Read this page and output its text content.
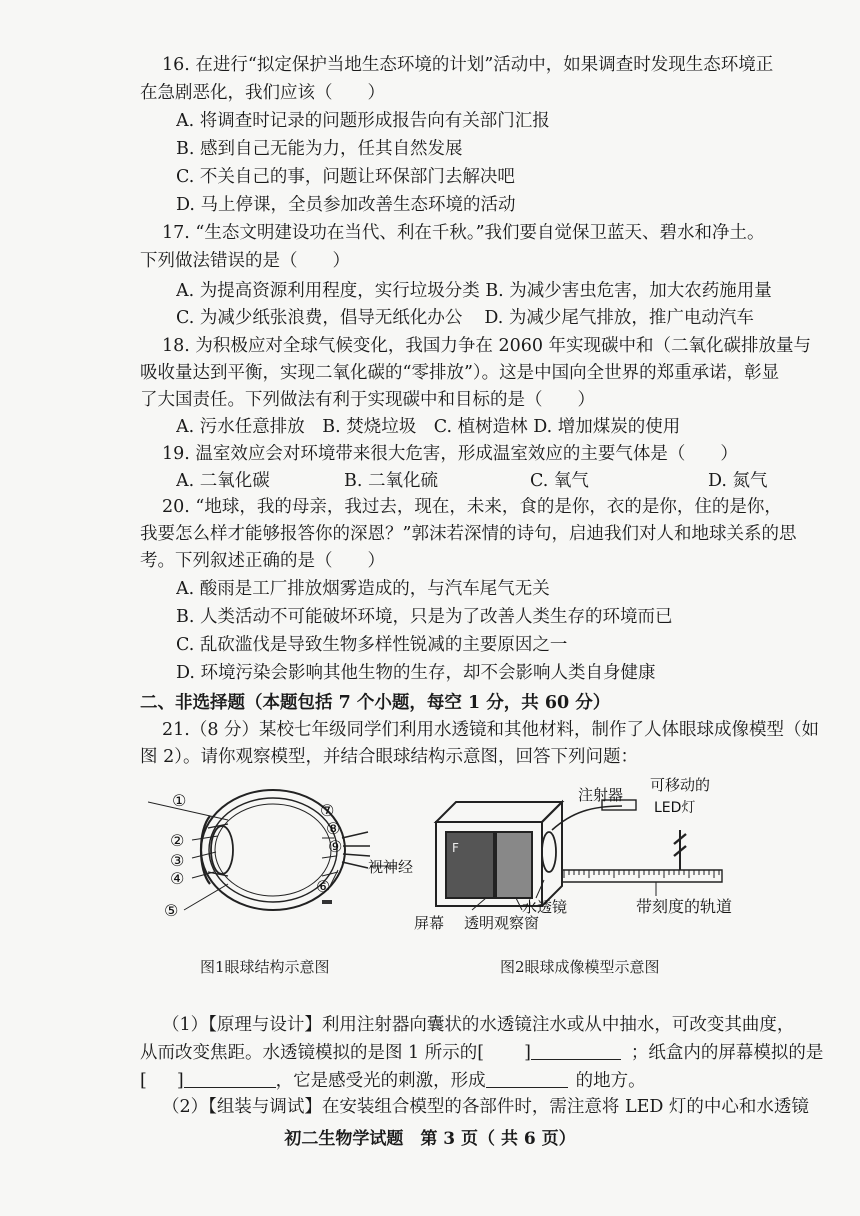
16. 在进行“拟定保护当地生态环境的计划”活动中，如果调查时发现生态环境正
在急剧恶化，我们应该（　　）
A. 将调查时记录的问题形成报告向有关部门汇报
B. 感到自己无能为力，任其自然发展
C. 不关自己的事，问题让环保部门去解决吧
D. 马上停课，全员参加改善生态环境的活动
17. “生态文明建设功在当代、利在千秋。”我们要自觉保卫蓝天、碧水和净土。
下列做法错误的是（　　）
A. 为提高资源利用程度，实行垃圾分类 B. 为减少害虫危害，加大农药施用量
C. 为减少纸张浪费，倡导无纸化办公 D. 为减少尾气排放，推广电动汽车
18. 为积极应对全球气候变化，我国力争在 2060 年实现碳中和（二氧化碳排放量与
吸收量达到平衡，实现二氧化碳的“零排放”）。这是中国向全世界的郑重承诺，彰显
了大国责任。下列做法有利于实现碳中和目标的是（　　）
A. 污水任意排放　B. 焚烧垃圾　C. 植树造林 D. 增加煤炭的使用
19. 温室效应会对环境带来很大危害，形成温室效应的主要气体是（　　）
A. 二氧化碳	B. 二氧化硫	C. 氧气	D. 氮气
20. “地球，我的母亲，我过去，现在，未来，食的是你，衣的是你，住的是你，
我要怎么样才能够报答你的深恩？”郭沫若深情的诗句，启迪我们对人和地球关系的思
考。下列叙述正确的是（　　）
A. 酸雨是工厂排放烟雾造成的，与汽车尾气无关
B. 人类活动不可能破坏环境，只是为了改善人类生存的环境而已
C. 乱砍滥伐是导致生物多样性锐减的主要原因之一
D. 环境污染会影响其他生物的生存，却不会影响人类自身健康
二、非选择题（本题包括 7 个小题，每空 1 分，共 60 分）
21.（8 分）某校七年级同学们利用水透镜和其他材料，制作了人体眼球成像模型（如
图 2）。请你观察模型，并结合眼球结构示意图，回答下列问题：
①
②
③
④
⑤
⑥
⑦
⑧
⑨
视神经
图1眼球结构示意图
注射器
可移动的
LED灯
水透镜	带刻度的轨道
屏幕 透明观察窗
F
图2眼球成像模型示意图
（1）【原理与设计】利用注射器向囊状的水透镜注水或从中抽水，可改变其曲度，
从而改变焦距。水透镜模拟的是图 1 所示的[ ]	；纸盒内的屏幕模拟的是
[ ]	，它是感受光的刺激，形成	的地方。
（2）【组装与调试】在安装组合模型的各部件时，需注意将 LED 灯的中心和水透镜
初二生物学试题　第 3 页（ 共 6 页）
